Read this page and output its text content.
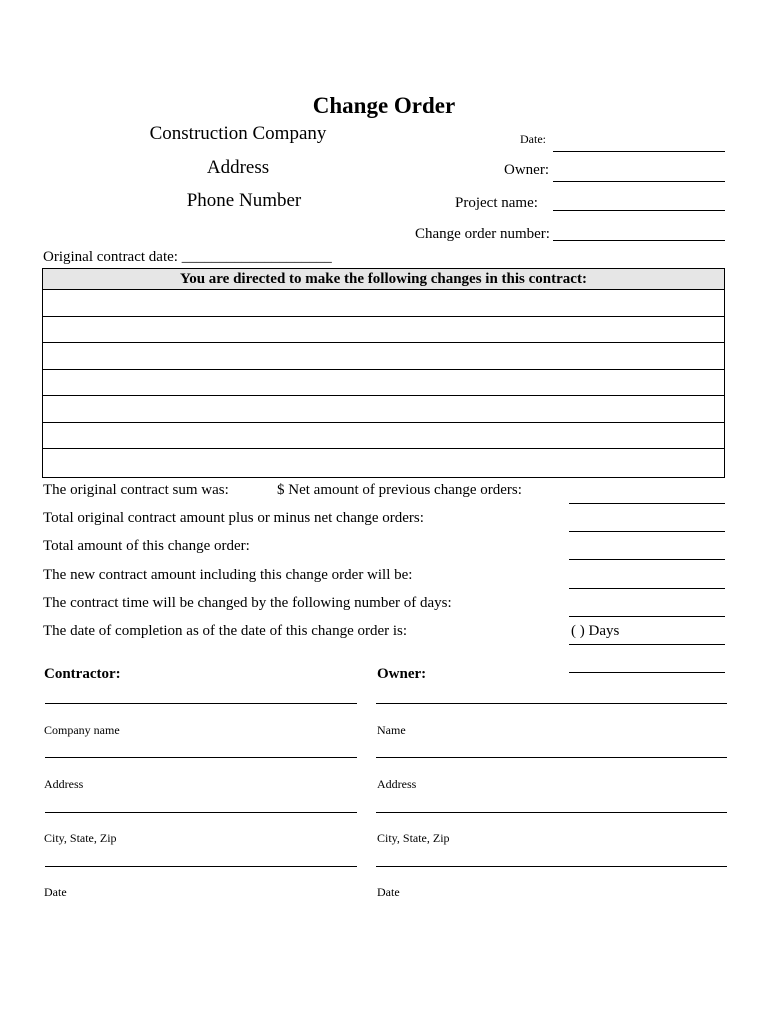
Change Order
Construction Company
Address
Phone Number
Date:
Owner:
Project name:
Change order number:
Original contract date: ____________________
You are directed to make the following changes in this contract:
The original contract sum was:	$ Net amount of previous change orders:
Total original contract amount plus or minus net change orders:
Total amount of this change order:
The new contract amount including this change order will be:
The contract time will be changed by the following number of days:
The date of completion as of the date of this change order is:	( ) Days
Contractor:	Owner:
Company name	Name
Address	Address
City, State, Zip	City, State, Zip
Date	Date
